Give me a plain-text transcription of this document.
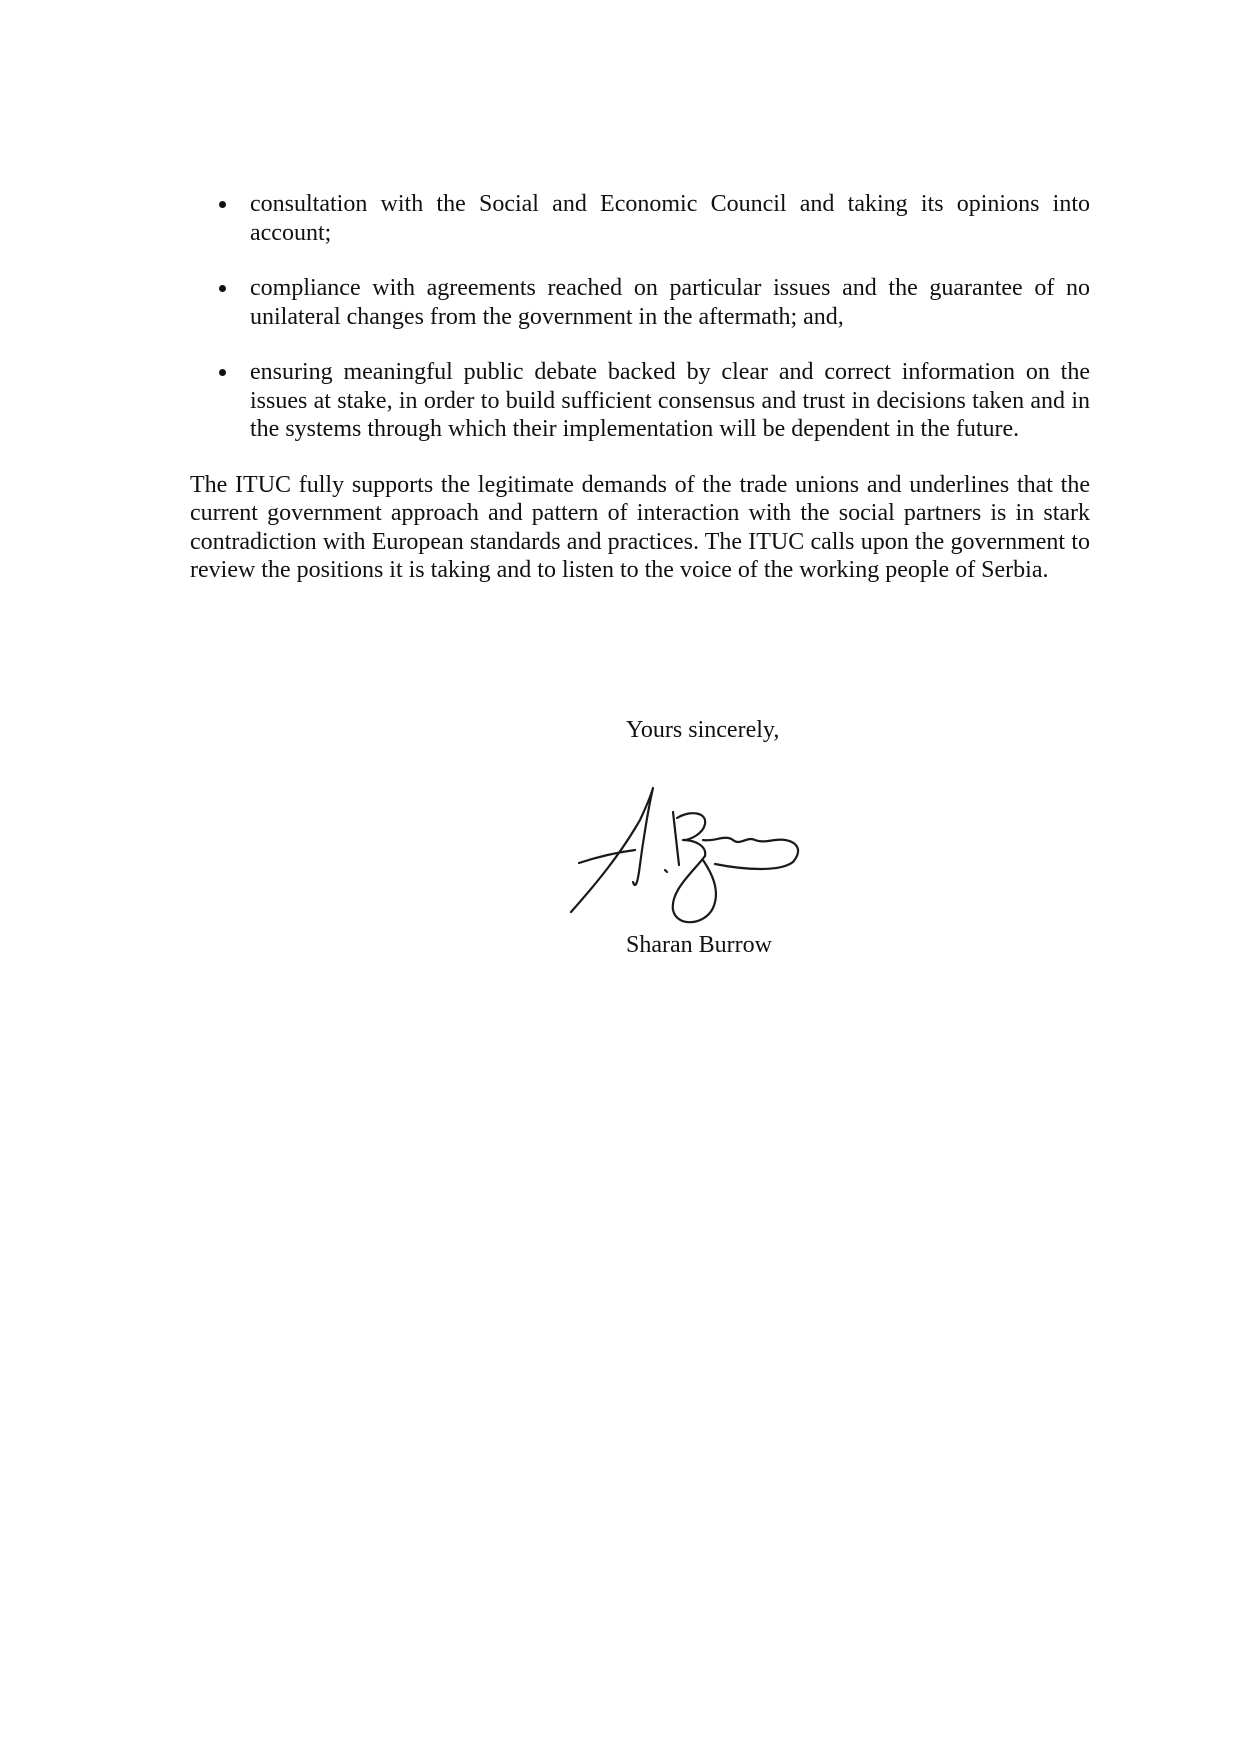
consultation with the Social and Economic Council and taking its opinions into account;
compliance with agreements reached on particular issues and the guarantee of no unilateral changes from the government in the aftermath; and,
ensuring meaningful public debate backed by clear and correct information on the issues at stake, in order to build sufficient consensus and trust in decisions taken and in the systems through which their implementation will be dependent in the future.

The ITUC fully supports the legitimate demands of the trade unions and underlines that the current government approach and pattern of interaction with the social partners is in stark contradiction with European standards and practices. The ITUC calls upon the government to review the positions it is taking and to listen to the voice of the working people of Serbia.

Yours sincerely,
Sharan Burrow
